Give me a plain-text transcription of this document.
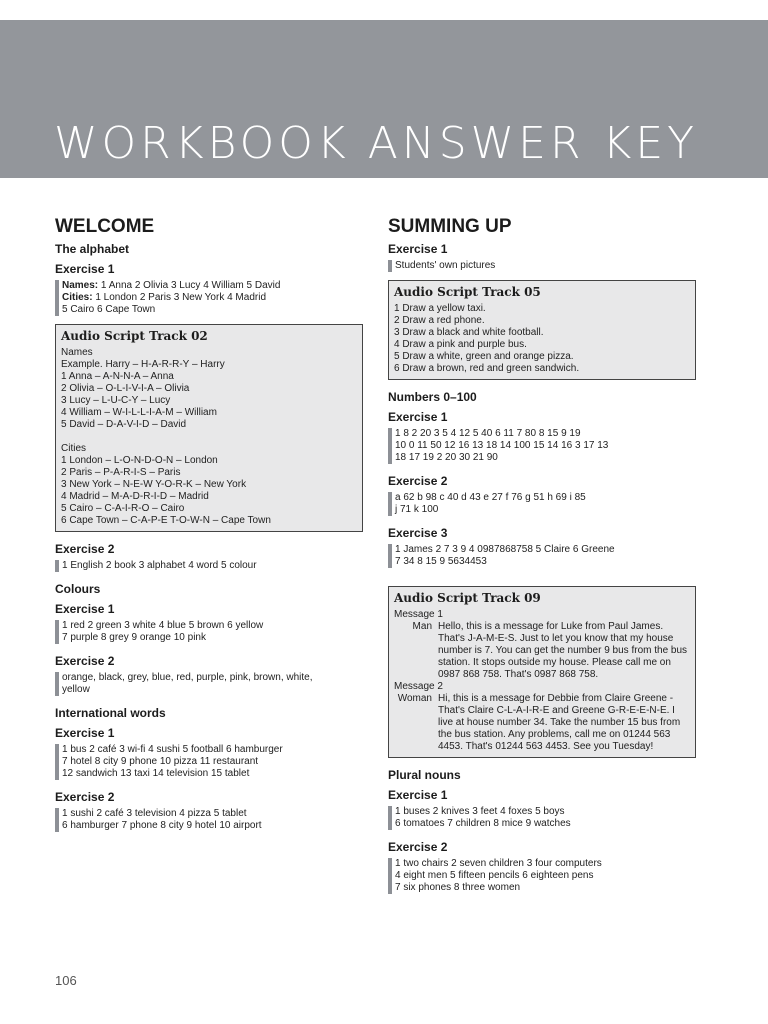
WORKBOOK ANSWER KEY
WELCOME
The alphabet
Exercise 1
Names: 1 Anna 2 Olivia 3 Lucy 4 William 5 David
Cities: 1 London 2 Paris 3 New York 4 Madrid
5 Cairo 6 Cape Town
Audio Script Track 02
Names
Example. Harry – H-A-R-R-Y – Harry
1 Anna – A-N-N-A – Anna
2 Olivia – O-L-I-V-I-A – Olivia
3 Lucy – L-U-C-Y – Lucy
4 William – W-I-L-L-I-A-M – William
5 David – D-A-V-I-D – David
Cities
1 London – L-O-N-D-O-N – London
2 Paris – P-A-R-I-S – Paris
3 New York – N-E-W Y-O-R-K – New York
4 Madrid – M-A-D-R-I-D – Madrid
5 Cairo – C-A-I-R-O – Cairo
6 Cape Town – C-A-P-E T-O-W-N – Cape Town
Exercise 2
1 English 2 book 3 alphabet 4 word 5 colour
Colours
Exercise 1
1 red 2 green 3 white 4 blue 5 brown 6 yellow
7 purple 8 grey 9 orange 10 pink
Exercise 2
orange, black, grey, blue, red, purple, pink, brown, white,
yellow
International words
Exercise 1
1 bus 2 café 3 wi-fi 4 sushi 5 football 6 hamburger
7 hotel 8 city 9 phone 10 pizza 11 restaurant
12 sandwich 13 taxi 14 television 15 tablet
Exercise 2
1 sushi 2 café 3 television 4 pizza 5 tablet
6 hamburger 7 phone 8 city 9 hotel 10 airport
SUMMING UP
Exercise 1
Students' own pictures
Audio Script Track 05
1 Draw a yellow taxi.
2 Draw a red phone.
3 Draw a black and white football.
4 Draw a pink and purple bus.
5 Draw a white, green and orange pizza.
6 Draw a brown, red and green sandwich.
Numbers 0–100
Exercise 1
1 8 2 20 3 5 4 12 5 40 6 11 7 80 8 15 9 19
10 0 11 50 12 16 13 18 14 100 15 14 16 3 17 13
18 17 19 2 20 30 21 90
Exercise 2
a 62 b 98 c 40 d 43 e 27 f 76 g 51 h 69 i 85
j 71 k 100
Exercise 3
1 James 2 7 3 9 4 0987868758 5 Claire 6 Greene
7 34 8 15 9 5634453
Audio Script Track 09
Message 1
Man Hello, this is a message for Luke from Paul James. That's J-A-M-E-S. Just to let you know that my house number is 7. You can get the number 9 bus from the bus station. It stops outside my house. Please call me on 0987 868 758. That's 0987 868 758.
Message 2
Woman Hi, this is a message for Debbie from Claire Greene - That's Claire C-L-A-I-R-E and Greene G-R-E-E-N-E. I live at house number 34. Take the number 15 bus from the bus station. Any problems, call me on 01244 563 4453. That's 01244 563 4453. See you Tuesday!
Plural nouns
Exercise 1
1 buses 2 knives 3 feet 4 foxes 5 boys
6 tomatoes 7 children 8 mice 9 watches
Exercise 2
1 two chairs 2 seven children 3 four computers
4 eight men 5 fifteen pencils 6 eighteen pens
7 six phones 8 three women
106
